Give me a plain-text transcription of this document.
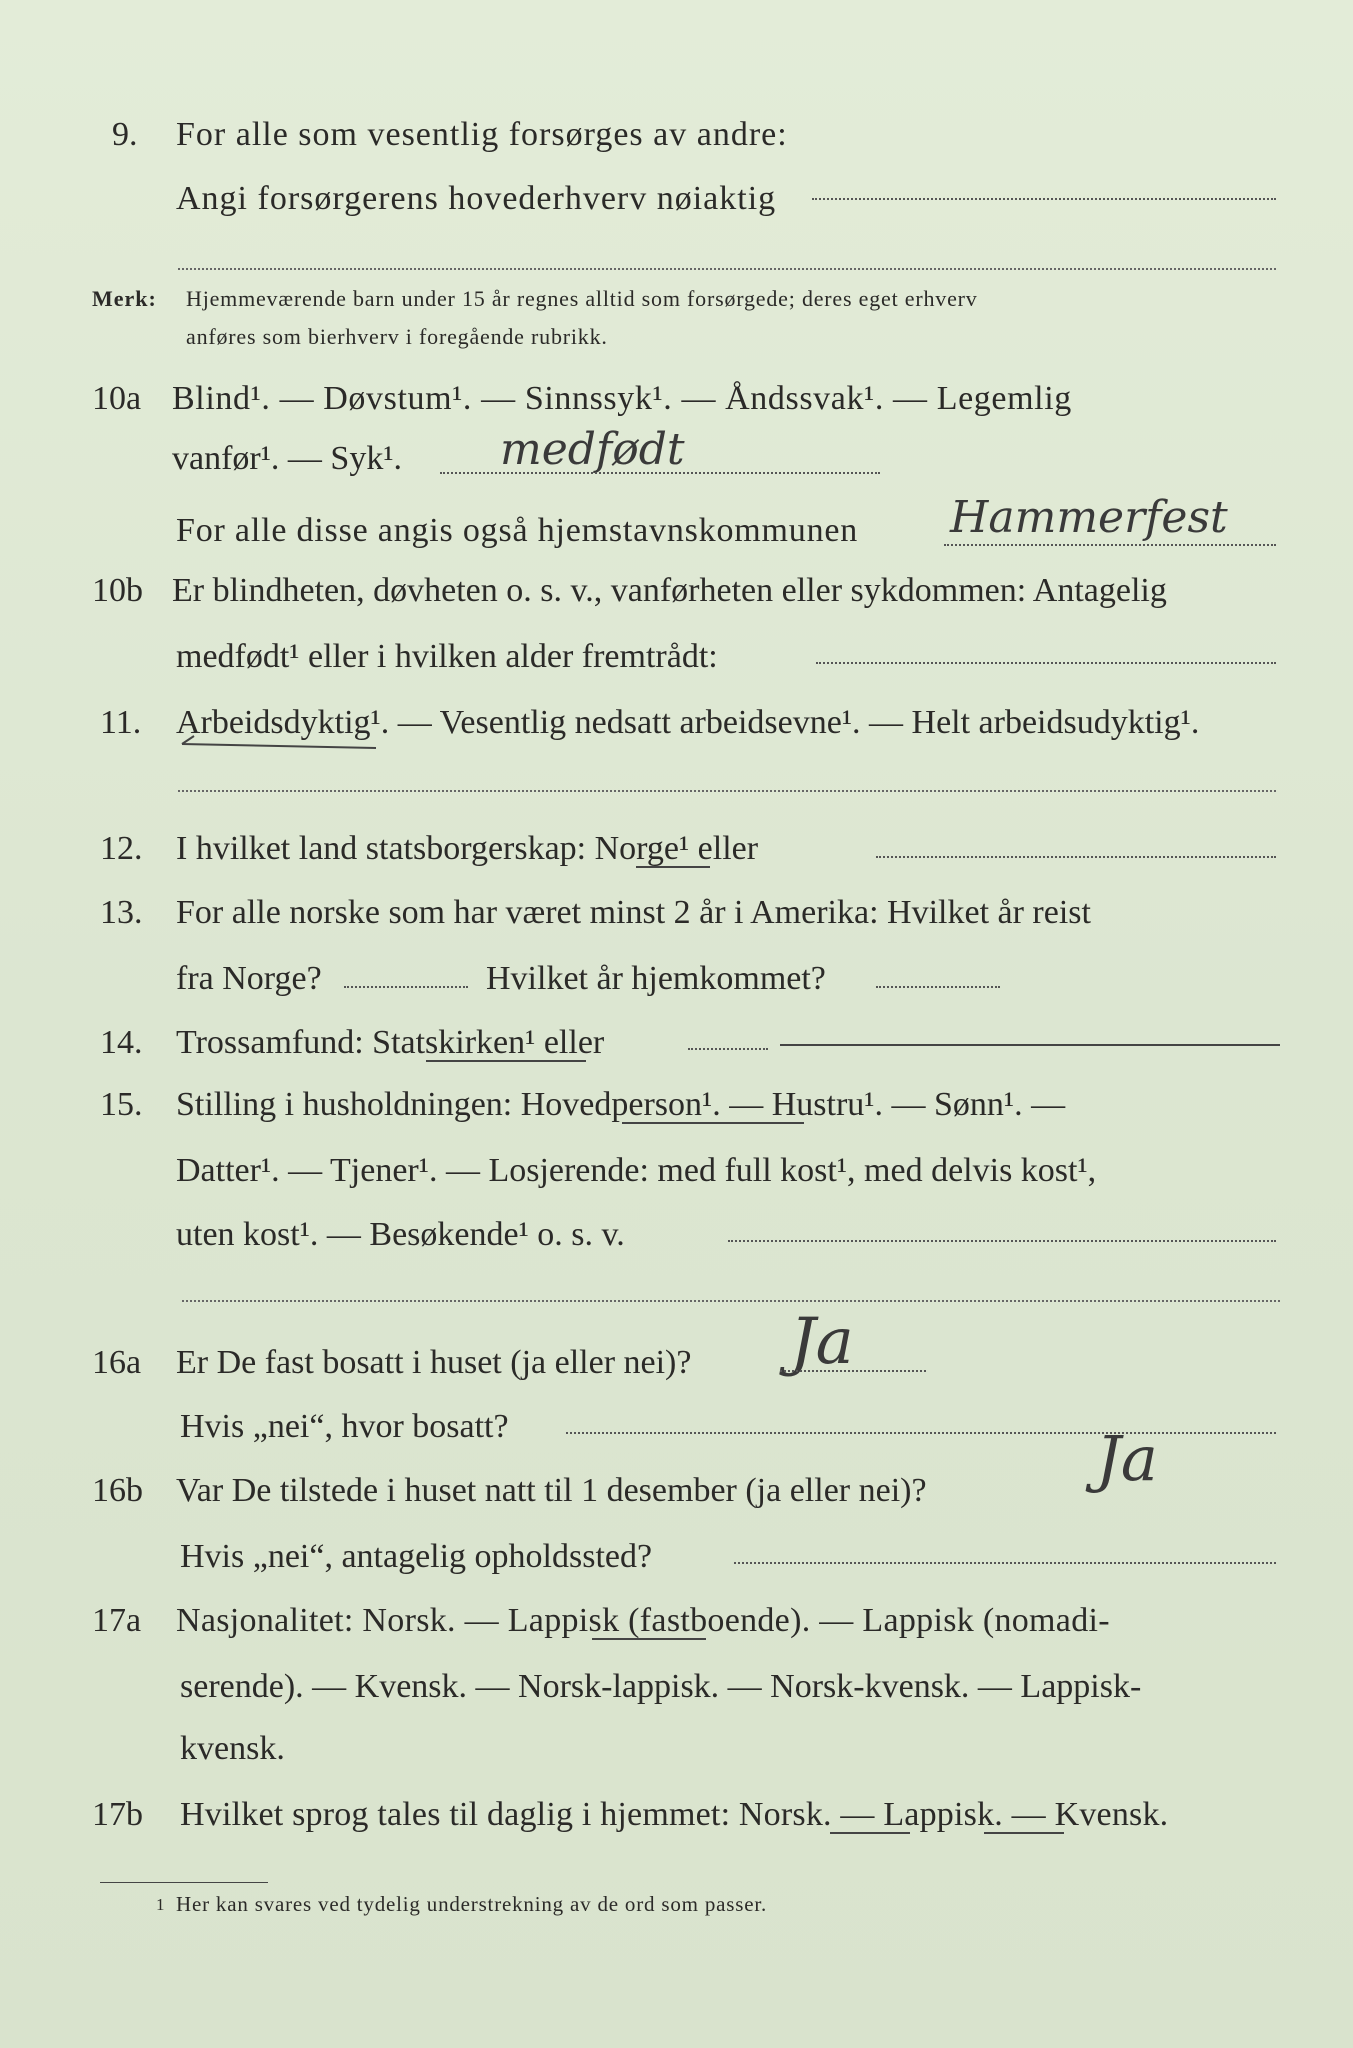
9. For alle som vesentlig forsørges av andre:
Angi forsørgerens hovederhverv nøiaktig
Merk: Hjemmeværende barn under 15 år regnes alltid som forsørgede; deres eget erhverv
anføres som bierhverv i foregående rubrikk.
10a Blind¹. — Døvstum¹. — Sinnssyk¹. — Åndssvak¹. — Legemlig
vanfør¹. — Syk¹. medfødt
For alle disse angis også hjemstavnskommunen Hammerfest
10b Er blindheten, døvheten o. s. v., vanførheten eller sykdommen: Antagelig
medfødt¹ eller i hvilken alder fremtrådt:
11. Arbeidsdyktig¹. — Vesentlig nedsatt arbeidsevne¹. — Helt arbeidsudyktig¹.
12. I hvilket land statsborgerskap: Norge¹ eller
13. For alle norske som har været minst 2 år i Amerika: Hvilket år reist
fra Norge?	Hvilket år hjemkommet?
14. Trossamfund: Statskirken¹ eller
15. Stilling i husholdningen: Hovedperson¹. — Hustru¹. — Sønn¹. —
Datter¹. — Tjener¹. — Losjerende: med full kost¹, med delvis kost¹,
uten kost¹. — Besøkende¹ o. s. v.
16a Er De fast bosatt i huset (ja eller nei)? Ja
Hvis „nei“, hvor bosatt?
16b Var De tilstede i huset natt til 1 desember (ja eller nei)?	Ja
Hvis „nei“, antagelig opholdssted?
17a Nasjonalitet: Norsk. — Lappisk (fastboende). — Lappisk (nomadi-
serende). — Kvensk. — Norsk-lappisk. — Norsk-kvensk. — Lappisk-
kvensk.
17b Hvilket sprog tales til daglig i hjemmet: Norsk. — Lappisk. — Kvensk.
1 Her kan svares ved tydelig understrekning av de ord som passer.
